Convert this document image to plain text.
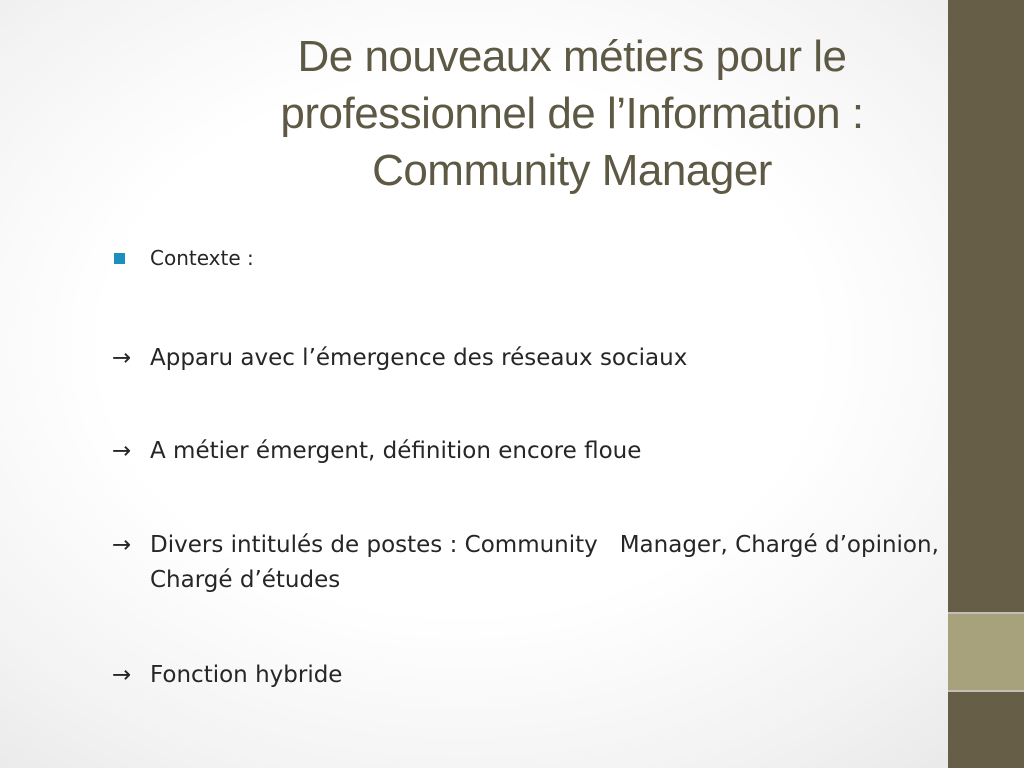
De nouveaux métiers pour le
professionnel de l’Information :
Community Manager
Contexte :
→ Apparu avec l’émergence des réseaux sociaux
→ A métier émergent, définition encore floue
→ Divers intitulés de postes : Community   Manager, Chargé d’opinion, Chargé d’études
→ Fonction hybride
